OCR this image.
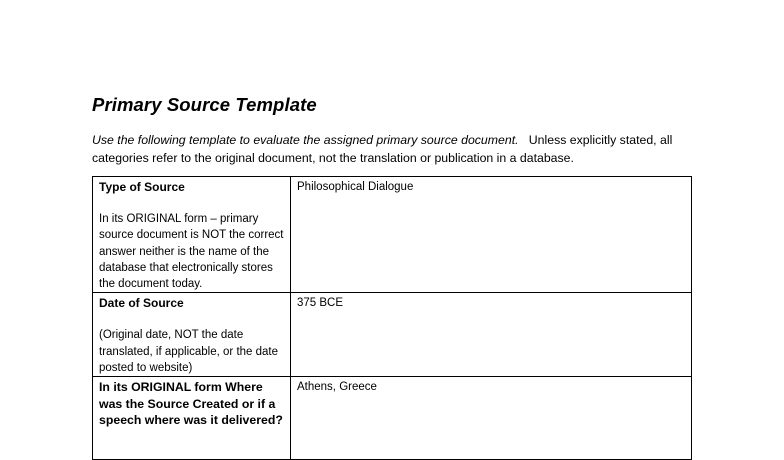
Primary Source Template
Use the following template to evaluate the assigned primary source document. Unless explicitly stated, all categories refer to the original document, not the translation or publication in a database.
Type of Source
In its ORIGINAL form – primary source document is NOT the correct answer neither is the name of the database that electronically stores the document today.	Philosophical Dialogue

Date of Source
(Original date, NOT the date translated, if applicable, or the date posted to website)	375 BCE

In its ORIGINAL form Where was the Source Created or if a speech where was it delivered?	Athens, Greece
